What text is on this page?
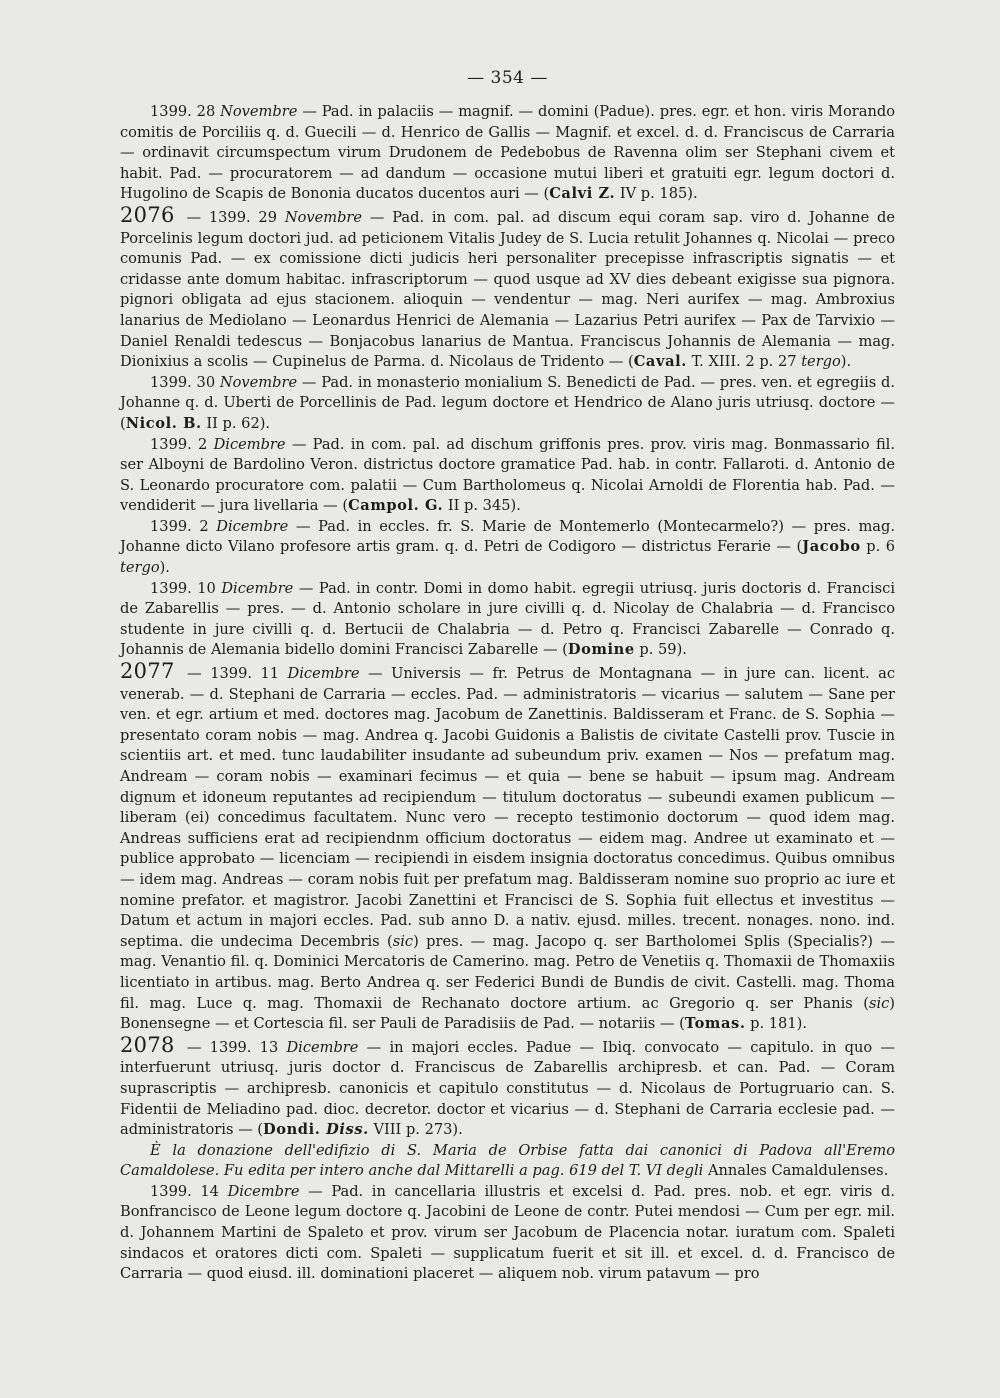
— 354 —

1399. 28 Novembre — Pad. in palaciis — magnif. — domini (Padue). pres. egr. et hon. viris Morando comitis de Porciliis q. d. Guecili — d. Henrico de Gallis — Magnif. et excel. d. d. Franciscus de Carraria — ordinavit circumspectum virum Drudonem de Pedebobus de Ravenna olim ser Stephani civem et habit. Pad. — procuratorem — ad dandum — occasione mutui liberi et gratuiti egr. legum doctori d. Hugolino de Scapis de Bononia ducatos ducentos auri — (Calvi Z. IV p. 185).

2076 — 1399. 29 Novembre — Pad. in com. pal. ad discum equi coram sap. viro d. Johanne de Porcelinis legum doctori jud. ad peticionem Vitalis Judey de S. Lucia retulit Johannes q. Nicolai — preco comunis Pad. — ex comissione dicti judicis heri personaliter precepisse infrascriptis signatis — et cridasse ante domum habitac. infrascriptorum — quod usque ad XV dies debeant exigisse sua pignora. pignori obligata ad ejus stacionem. alioquin — vendentur — mag. Neri aurifex — mag. Ambroxius lanarius de Mediolano — Leonardus Henrici de Alemania — Lazarius Petri aurifex — Pax de Tarvixio — Daniel Renaldi tedescus — Bonjacobus lanarius de Mantua. Franciscus Johannis de Alemania — mag. Dionixius a scolis — Cupinelus de Parma. d. Nicolaus de Tridento — (Caval. T. XIII. 2 p. 27 tergo).

1399. 30 Novembre — Pad. in monasterio monialium S. Benedicti de Pad. — pres. ven. et egregiis d. Johanne q. d. Uberti de Porcellinis de Pad. legum doctore et Hendrico de Alano juris utriusq. doctore — (Nicol. B. II p. 62).

1399. 2 Dicembre — Pad. in com. pal. ad dischum griffonis pres. prov. viris mag. Bonmassario fil. ser Alboyni de Bardolino Veron. districtus doctore gramatice Pad. hab. in contr. Fallaroti. d. Antonio de S. Leonardo procuratore com. palatii — Cum Bartholomeus q. Nicolai Arnoldi de Florentia hab. Pad. — vendiderit — jura livellaria — (Campol. G. II p. 345).

1399. 2 Dicembre — Pad. in eccles. fr. S. Marie de Montemerlo (Montecarmelo?) — pres. mag. Johanne dicto Vilano profesore artis gram. q. d. Petri de Codigoro — districtus Ferarie — (Jacobo p. 6 tergo).

1399. 10 Dicembre — Pad. in contr. Domi in domo habit. egregii utriusq. juris doctoris d. Francisci de Zabarellis — pres. — d. Antonio scholare in jure civilli q. d. Nicolay de Chalabria — d. Francisco studente in jure civilli q. d. Bertucii de Chalabria — d. Petro q. Francisci Zabarelle — Conrado q. Johannis de Alemania bidello domini Francisci Zabarelle — (Domine p. 59).

2077 — 1399. 11 Dicembre — Universis — fr. Petrus de Montagnana — in jure can. licent. ac venerab. — d. Stephani de Carraria — eccles. Pad. — administratoris — vicarius — salutem — Sane per ven. et egr. artium et med. doctores mag. Jacobum de Zanettinis. Baldisseram et Franc. de S. Sophia — presentato coram nobis — mag. Andrea q. Jacobi Guidonis a Balistis de civitate Castelli prov. Tuscie in scientiis art. et med. tunc laudabiliter insudante ad subeundum priv. examen — Nos — prefatum mag. Andream — coram nobis — examinari fecimus — et quia — bene se habuit — ipsum mag. Andream dignum et idoneum reputantes ad recipiendum — titulum doctoratus — subeundi examen publicum — liberam (ei) concedimus facultatem. Nunc vero — recepto testimonio doctorum — quod idem mag. Andreas sufficiens erat ad recipiendnm officium doctoratus — eidem mag. Andree ut examinato et — publice approbato — licenciam — recipiendi in eisdem insignia doctoratus concedimus. Quibus omnibus — idem mag. Andreas — coram nobis fuit per prefatum mag. Baldisseram nomine suo proprio ac iure et nomine prefator. et magistror. Jacobi Zanettini et Francisci de S. Sophia fuit ellectus et investitus — Datum et actum in majori eccles. Pad. sub anno D. a nativ. ejusd. milles. trecent. nonages. nono. ind. septima. die undecima Decembris (sic) pres. — mag. Jacopo q. ser Bartholomei Splis (Specialis?) — mag. Venantio fil. q. Dominici Mercatoris de Camerino. mag. Petro de Venetiis q. Thomaxii de Thomaxiis licentiato in artibus. mag. Berto Andrea q. ser Federici Bundi de Bundis de civit. Castelli. mag. Thoma fil. mag. Luce q. mag. Thomaxii de Rechanato doctore artium. ac Gregorio q. ser Phanis (sic) Bonensegne — et Cortescia fil. ser Pauli de Paradisiis de Pad. — notariis — (Tomas. p. 181).

2078 — 1399. 13 Dicembre — in majori eccles. Padue — Ibiq. convocato — capitulo. in quo — interfuerunt utriusq. juris doctor d. Franciscus de Zabarellis archipresb. et can. Pad. — Coram suprascriptis — archipresb. canonicis et capitulo constitutus — d. Nicolaus de Portugruario can. S. Fidentii de Meliadino pad. dioc. decretor. doctor et vicarius — d. Stephani de Carraria ecclesie pad. — administratoris — (Dondi. Diss. VIII p. 273).

È la donazione dell'edifizio di S. Maria de Orbise fatta dai canonici di Padova all'Eremo Camaldolese. Fu edita per intero anche dal Mittarelli a pag. 619 del T. VI degli Annales Camaldulenses.

1399. 14 Dicembre — Pad. in cancellaria illustris et excelsi d. Pad. pres. nob. et egr. viris d. Bonfrancisco de Leone legum doctore q. Jacobini de Leone de contr. Putei mendosi — Cum per egr. mil. d. Johannem Martini de Spaleto et prov. virum ser Jacobum de Placencia notar. iuratum com. Spaleti sindacos et oratores dicti com. Spaleti — supplicatum fuerit et sit ill. et excel. d. d. Francisco de Carraria — quod eiusd. ill. dominationi placeret — aliquem nob. virum patavum — pro
